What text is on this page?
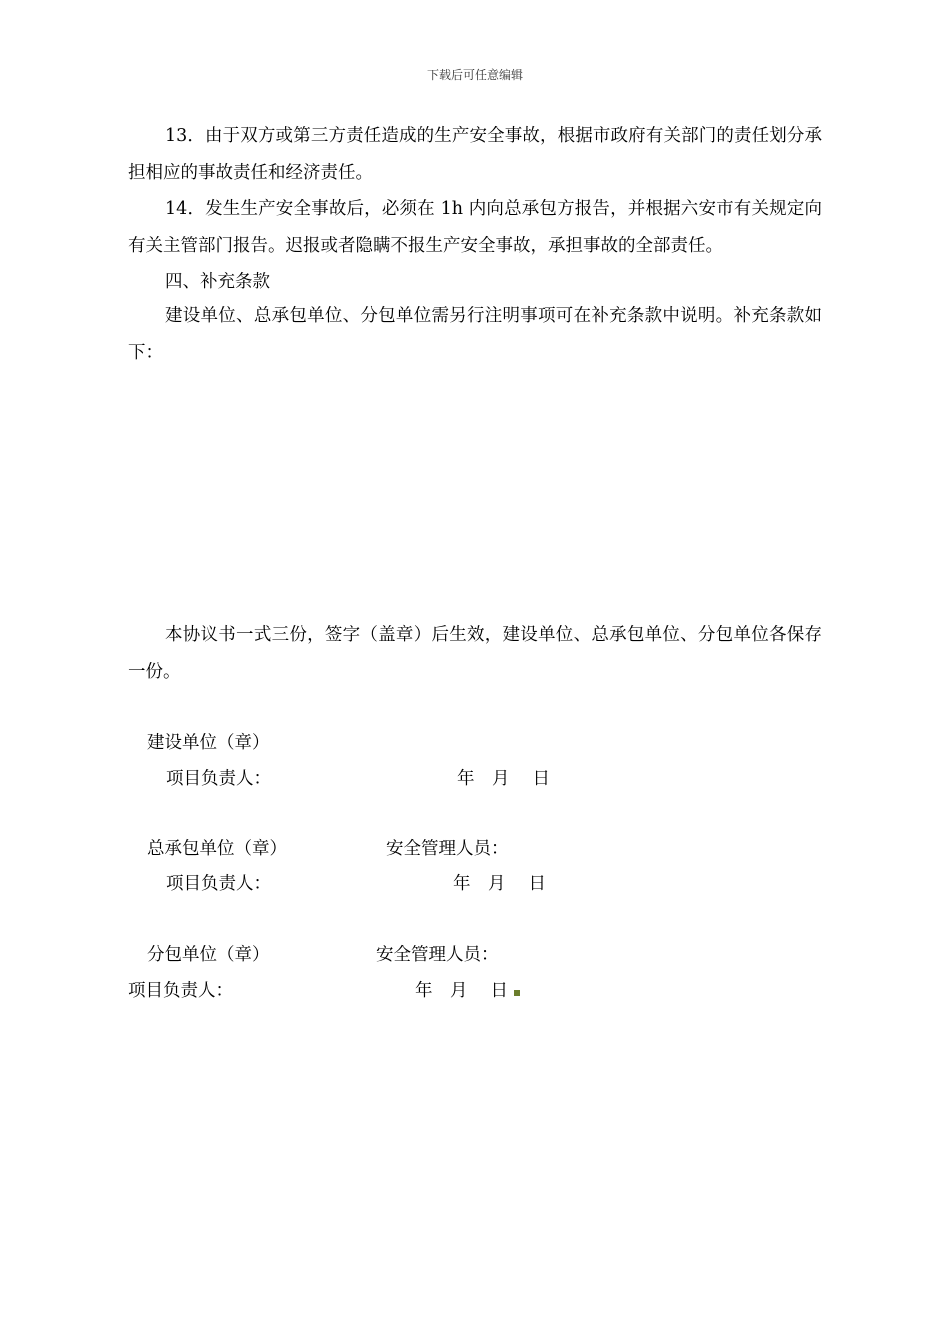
下载后可任意编辑

13．由于双方或第三方责任造成的生产安全事故，根据市政府有关部门的责任划分承担相应的事故责任和经济责任。

14．发生生产安全事故后，必须在 1h 内向总承包方报告，并根据六安市有关规定向有关主管部门报告。迟报或者隐瞒不报生产安全事故，承担事故的全部责任。

四、补充条款

建设单位、总承包单位、分包单位需另行注明事项可在补充条款中说明。补充条款如下：

本协议书一式三份，签字（盖章）后生效，建设单位、总承包单位、分包单位各保存一份。

建设单位（章）
项目负责人：	年　月　 日
总承包单位（章）	安全管理人员：
项目负责人：	年　月　 日
分包单位（章）	安全管理人员：
项目负责人：	年　月　 日
